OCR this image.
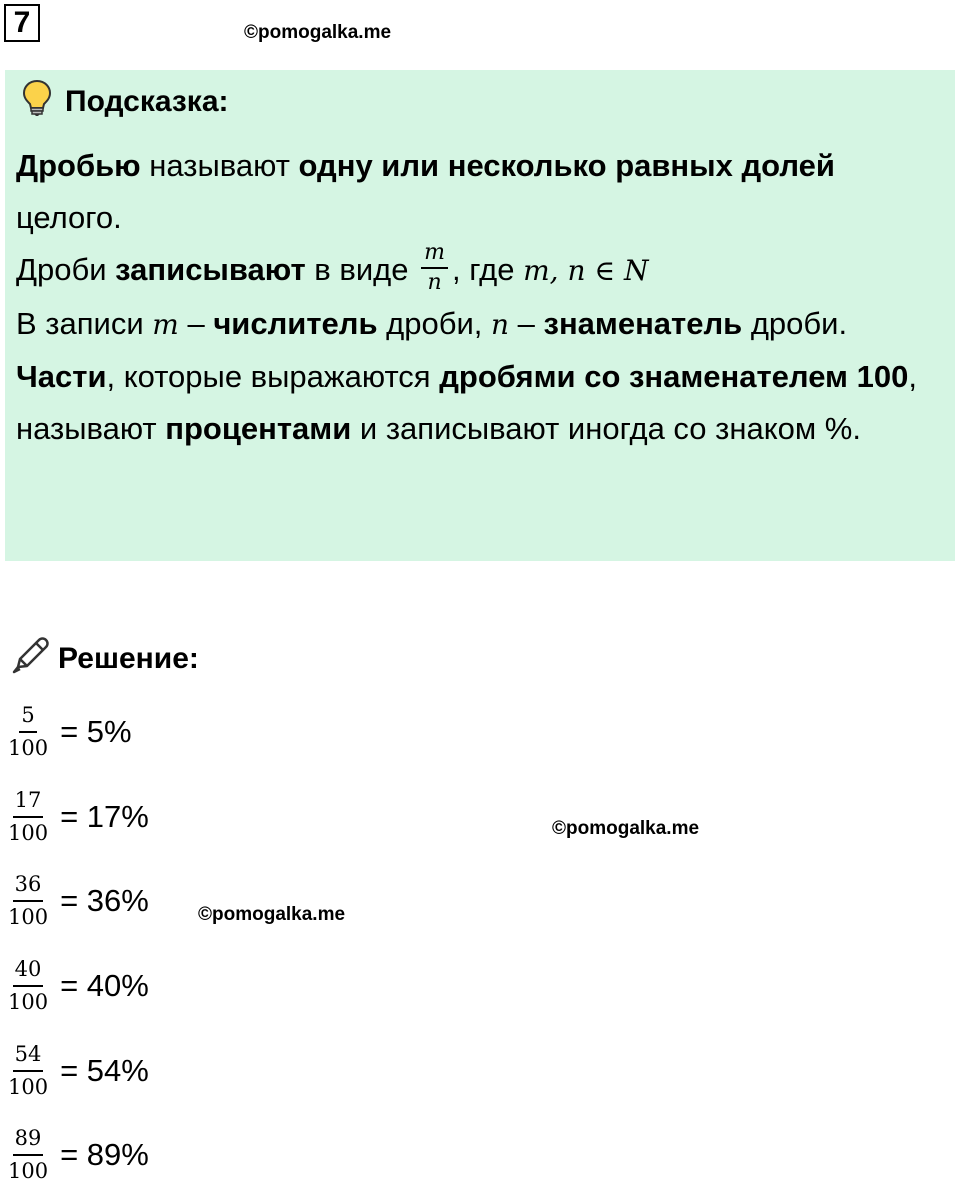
7	©pomogalka.me
Подсказка:

Дробью называют одну или несколько равных долей целого.

Дроби записывают в виде $\frac{m}{n}$ , где m, n ∈ N

В записи m – числитель дроби, n – знаменатель дроби.

Части, которые выражаются дробями со знаменателем 100, называют процентами и записывают иногда со знаком %.

Решение:
$\frac{5}{100} = 5\%$
$\frac{17}{100} = 17\%$
$\frac{36}{100} = 36\%$
$\frac{40}{100} = 40\%$
$\frac{54}{100} = 54\%$
$\frac{89}{100} = 89\%$
©pomogalka.me
©pomogalka.me
